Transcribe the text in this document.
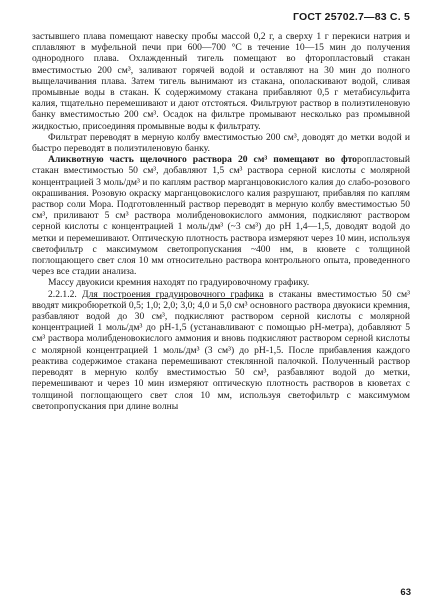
ГОСТ 25702.7—83 С. 5

застывшего плава помещают навеску пробы массой 0,2 г, а сверху 1 г перекиси натрия и сплавляют в муфельной печи при 600—700 °С в течение 10—15 мин до получения однородного плава. Охлажденный тигель помещают во фторопластовый стакан вместимостью 200 см³, заливают горячей водой и оставляют на 30 мин до полного выщелачивания плава. Затем тигель вынимают из стакана, ополаскивают водой, сливая промывные воды в стакан. К содержимому стакана прибавляют 0,5 г метабисульфита калия, тщательно перемешивают и дают отстояться. Фильтруют раствор в полиэтиленовую банку вместимостью 200 см³. Осадок на фильтре промывают несколько раз промывной жидкостью, присоединяя промывные воды к фильтрату.

Фильтрат переводят в мерную колбу вместимостью 200 см³, доводят до метки водой и быстро переводят в полиэтиленовую банку.

Аликвотную часть щелочного раствора 20 см³ помещают во фторопластовый стакан вместимостью 50 см³, добавляют 1,5 см³ раствора серной кислоты с молярной концентрацией 3 моль/дм³ и по каплям раствор марганцовокислого калия до слабо-розового окрашивания. Розовую окраску марганцовокислого калия разрушают, прибавляя по каплям раствор соли Мора. Подготовленный раствор переводят в мерную колбу вместимостью 50 см³, приливают 5 см³ раствора молибденовокислого аммония, подкисляют раствором серной кислоты с концентрацией 1 моль/дм³ (~3 см³) до рН 1,4—1,5, доводят водой до метки и перемешивают. Оптическую плотность раствора измеряют через 10 мин, используя светофильтр с максимумом светопропускания ~400 нм, в кювете с толщиной поглощающего свет слоя 10 мм относительно раствора контрольного опыта, проведенного через все стадии анализа.

Массу двуокиси кремния находят по градуировочному графику.

2.2.1.2. Для построения градуировочного графика в стаканы вместимостью 50 см³ вводят микробюреткой 0,5; 1,0; 2,0; 3,0; 4,0 и 5,0 см³ основного раствора двуокиси кремния, разбавляют водой до 30 см³, подкисляют раствором серной кислоты с молярной концентрацией 1 моль/дм³ до рН-1,5 (устанавливают с помощью рН-метра), добавляют 5 см³ раствора молибденовокислого аммония и вновь подкисляют раствором серной кислоты с молярной концентрацией 1 моль/дм³ (3 см³) до рН-1,5. После прибавления каждого реактива содержимое стакана перемешивают стеклянной палочкой. Полученный раствор переводят в мерную колбу вместимостью 50 см³, разбавляют водой до метки, перемешивают и через 10 мин измеряют оптическую плотность растворов в кюветах с толщиной поглощающего свет слоя 10 мм, используя светофильтр с максимумом светопропускания при длине волны

63
